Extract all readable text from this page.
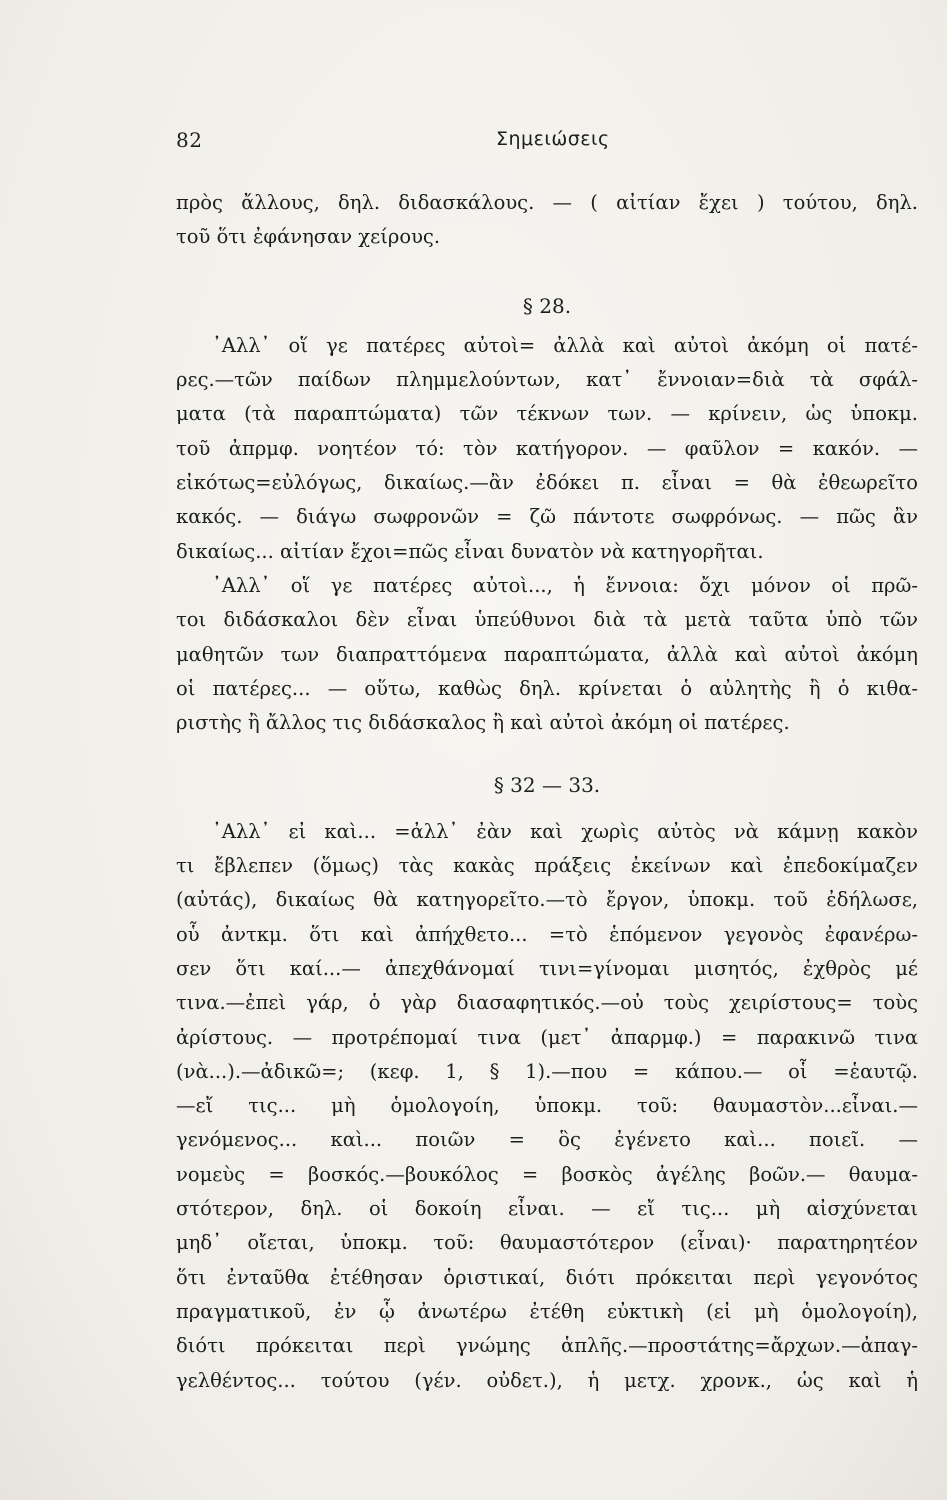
82	Σημειώσεις
πρὸς ἄλλους, δηλ. διδασκάλους. — ( αἰτίαν ἔχει ) τούτου, δηλ.
τοῦ ὅτι ἐφάνησαν χείρους.
§ 28.
᾿Αλλ᾿ οἵ γε πατέρες αὐτοὶ= ἀλλὰ καὶ αὐτοὶ ἀκόμη οἱ πατέ-
ρες.—τῶν παίδων πλημμελούντων, κατ᾿ ἔννοιαν=διὰ τὰ σφάλ-
ματα (τὰ παραπτώματα) τῶν τέκνων των. — κρίνειν, ὡς ὑποκμ.
τοῦ ἀπρμφ. νοητέον τό: τὸν κατήγορον. — φαῦλον = κακόν. —
εἰκότως=εὐλόγως, δικαίως.—ἂν ἐδόκει π. εἶναι = θὰ ἐθεωρεῖτο
κακός. — διάγω σωφρονῶν = ζῶ πάντοτε σωφρόνως. — πῶς ἂν
δικαίως... αἰτίαν ἔχοι=πῶς εἶναι δυνατὸν νὰ κατηγορῆται.
᾿Αλλ᾿ οἵ γε πατέρες αὐτοὶ..., ἡ ἔννοια: ὄχι μόνον οἱ πρῶ-
τοι διδάσκαλοι δὲν εἶναι ὑπεύθυνοι διὰ τὰ μετὰ ταῦτα ὑπὸ τῶν
μαθητῶν των διαπραττόμενα παραπτώματα, ἀλλὰ καὶ αὐτοὶ ἀκόμη
οἱ πατέρες... — οὕτω, καθὼς δηλ. κρίνεται ὁ αὐλητὴς ἢ ὁ κιθα-
ριστὴς ἢ ἄλλος τις διδάσκαλος ἢ καὶ αὐτοὶ ἀκόμη οἱ πατέρες.
§ 32 — 33.
᾿Αλλ᾿ εἰ καὶ... =ἀλλ᾿ ἐὰν καὶ χωρὶς αὐτὸς νὰ κάμνῃ κακὸν
τι ἔβλεπεν (ὅμως) τὰς κακὰς πράξεις ἐκείνων καὶ ἐπεδοκίμαζεν
(αὐτάς), δικαίως θὰ κατηγορεῖτο.—τὸ ἔργον, ὑποκμ. τοῦ ἐδήλωσε,
οὗ ἀντκμ. ὅτι καὶ ἀπήχθετο... =τὸ ἑπόμενον γεγονὸς ἐφανέρω-
σεν ὅτι καί...— ἀπεχθάνομαί τινι=γίνομαι μισητός, ἐχθρὸς μέ
τινα.—ἐπεὶ γάρ, ὁ γὰρ διασαφητικός.—οὐ τοὺς χειρίστους= τοὺς
ἀρίστους. — προτρέπομαί τινα (μετ᾿ ἀπαρμφ.) = παρακινῶ τινα
(νὰ...).—ἀδικῶ=; (κεφ. 1, § 1).—που = κάπου.— οἷ =ἑαυτῷ.
—εἴ τις... μὴ ὁμολογοίη, ὑποκμ. τοῦ: θαυμαστὸν...εἶναι.—
γενόμενος... καὶ... ποιῶν = ὃς ἐγένετο καὶ... ποιεῖ. —
νομεὺς = βοσκός.—βουκόλος = βοσκὸς ἀγέλης βοῶν.— θαυμα-
στότερον, δηλ. οἱ δοκοίη εἶναι. — εἴ τις... μὴ αἰσχύνεται
μηδ᾿ οἴεται, ὑποκμ. τοῦ: θαυμαστότερον (εἶναι)· παρατηρητέον
ὅτι ἐνταῦθα ἐτέθησαν ὁριστικαί, διότι πρόκειται περὶ γεγονότος
πραγματικοῦ, ἐν ᾧ ἀνωτέρω ἐτέθη εὐκτικὴ (εἰ μὴ ὁμολογοίη),
διότι πρόκειται περὶ γνώμης ἁπλῆς.—προστάτης=ἄρχων.—ἀπαγ-
γελθέντος... τούτου (γέν. οὐδετ.), ἡ μετχ. χρονκ., ὡς καὶ ἡ
